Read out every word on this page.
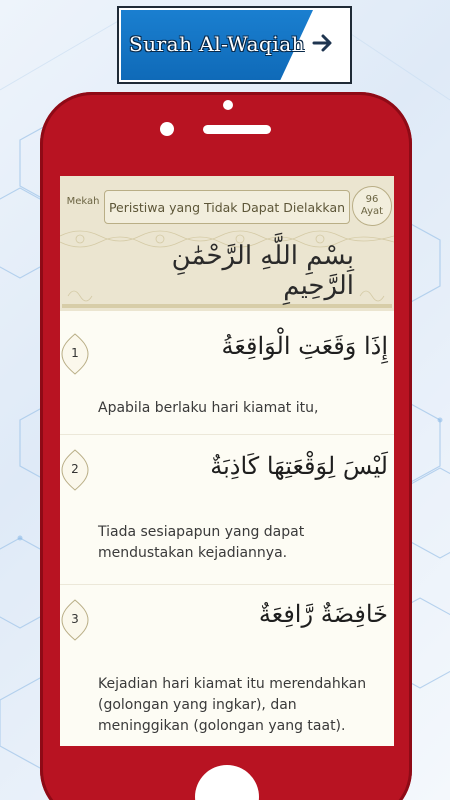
Surah Al-Waqiah
Mekah Peristiwa yang Tidak Dapat Dielakkan	96
Ayat
بِسْمِ اللَّهِ الرَّحْمَٰنِ الرَّحِيمِ
1	إِذَا وَقَعَتِ الْوَاقِعَةُ
Apabila berlaku hari kiamat itu,
2	لَيْسَ لِوَقْعَتِهَا كَاذِبَةٌ
Tiada sesiapapun yang dapat mendustakan kejadiannya.
3	خَافِضَةٌ رَّافِعَةٌ
Kejadian hari kiamat itu merendahkan (golongan yang ingkar), dan meninggikan (golongan yang taat).
